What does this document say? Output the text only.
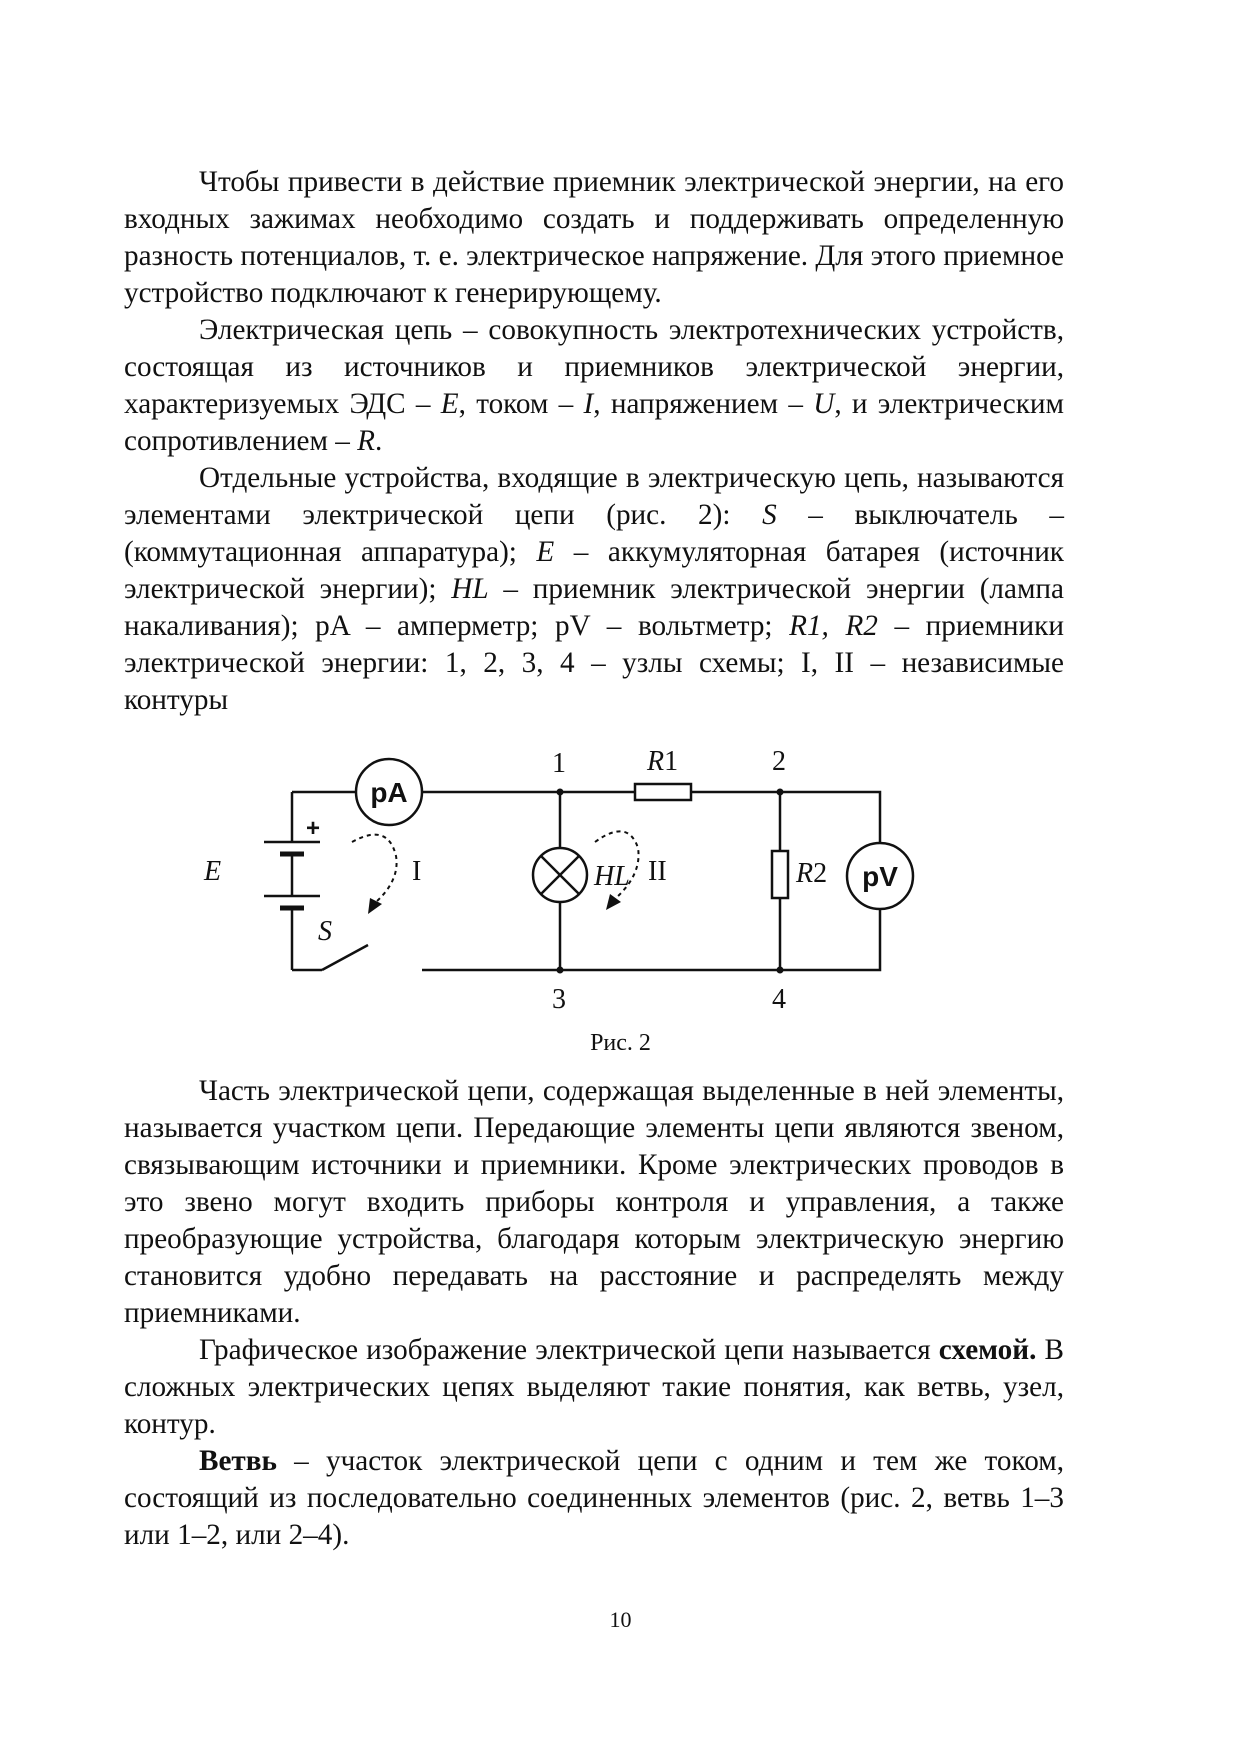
Чтобы привести в действие приемник электрической энергии, на его входных зажимах необходимо создать и поддерживать определенную разность потенциалов, т. е. электрическое напряжение. Для этого приемное устройство подключают к генерирующему.

Электрическая цепь – совокупность электротехнических устройств, состоящая из источников и приемников электрической энергии, характеризуемых ЭДС – E, током – I, напряжением – U, и электрическим сопротивлением – R.

Отдельные устройства, входящие в электрическую цепь, называются элементами электрической цепи (рис. 2): S – выключатель – (коммутационная аппаратура); E – аккумуляторная батарея (источник электрической энергии); HL – приемник электрической энергии (лампа накаливания); pA – амперметр; pV – вольтметр; R1, R2 – приемники электрической энергии: 1, 2, 3, 4 – узлы схемы; I, II – независимые контуры

+
E
S
pA
pV
HL
R1
R2
1	2
3	4
I	II
Рис. 2

Часть электрической цепи, содержащая выделенные в ней элементы, называется участком цепи. Передающие элементы цепи являются звеном, связывающим источники и приемники. Кроме электрических проводов в это звено могут входить приборы контроля и управления, а также преобразующие устройства, благодаря которым электрическую энергию становится удобно передавать на расстояние и распределять между приемниками.

Графическое изображение электрической цепи называется схемой. В сложных электрических цепях выделяют такие понятия, как ветвь, узел, контур.

Ветвь – участок электрической цепи с одним и тем же током, состоящий из последовательно соединенных элементов (рис. 2, ветвь 1–3 или 1–2, или 2–4).

10
